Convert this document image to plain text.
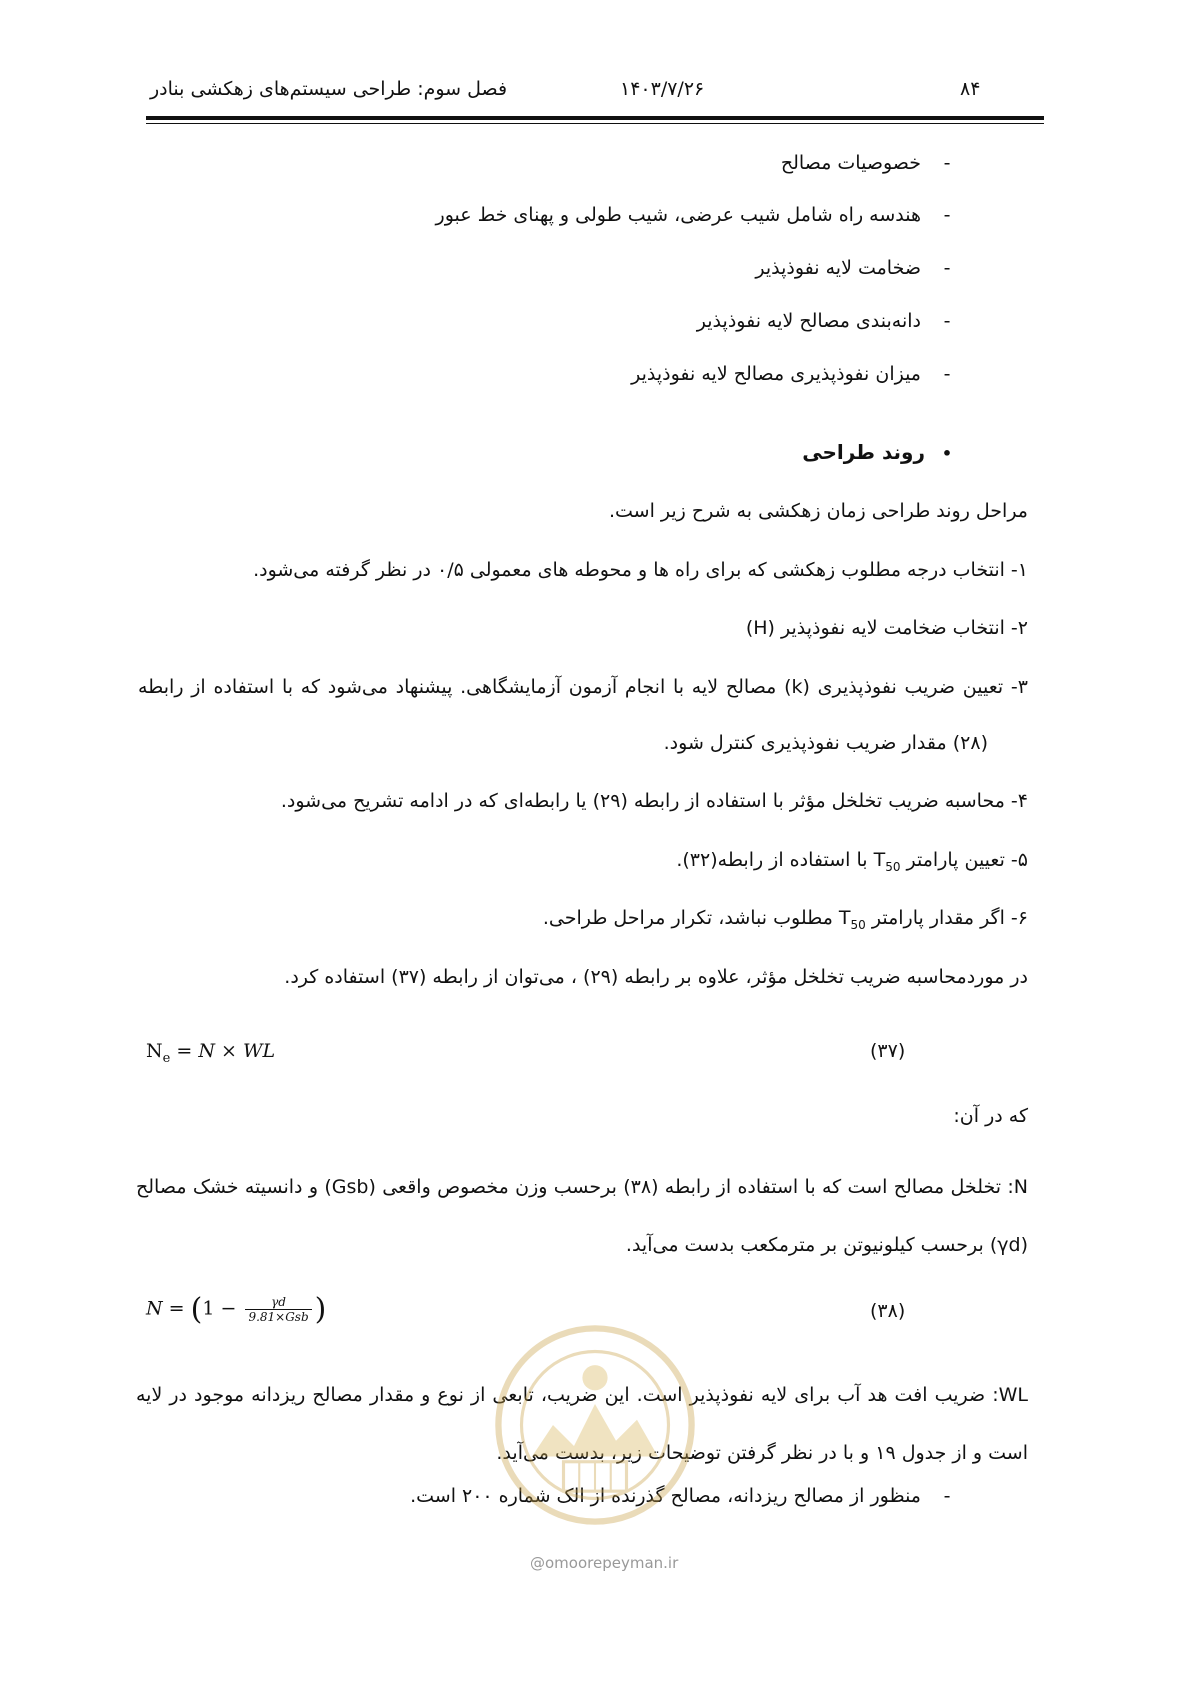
۸۴
۱۴۰۳/۷/۲۶
فصل سوم: طراحی سیستم‌های زهکشی بنادر
-خصوصیات مصالح
-هندسه راه شامل شیب عرضی، شیب طولی و پهنای خط عبور
-ضخامت لایه نفوذپذیر
-دانه‌بندی مصالح لایه نفوذپذیر
-میزان نفوذپذیری مصالح لایه نفوذپذیر
•روند طراحی
مراحل روند طراحی زمان زهکشی به شرح زیر است.
۱- انتخاب درجه مطلوب زهکشی که برای راه ها و محوطه های معمولی ۰/۵ در نظر گرفته می‌شود.
۲- انتخاب ضخامت لایه نفوذپذیر (H)
۳- تعیین ضریب نفوذپذیری (k) مصالح لایه با انجام آزمون آزمایشگاهی. پیشنهاد می‌شود که با استفاده از رابطه
(۲۸) مقدار ضریب نفوذپذیری کنترل شود.
۴- محاسبه ضریب تخلخل مؤثر با استفاده از رابطه (۲۹) یا رابطه‌ای که در ادامه تشریح می‌شود.
۵- تعیین پارامتر $T_{50}$ با استفاده از رابطه(۳۲).
۶- اگر مقدار پارامتر $T_{50}$ مطلوب نباشد، تکرار مراحل طراحی.
در موردمحاسبه ضریب تخلخل مؤثر، علاوه بر رابطه (۲۹) ، می‌توان از رابطه (۳۷) استفاده کرد.
$N_e = N$ × WL	(۳۷)
که در آن:
N: تخلخل مصالح است که با استفاده از رابطه (۳۸) برحسب وزن مخصوص واقعی (Gsb) و دانسیته خشک مصالح (γd) برحسب کیلونیوتن بر مترمکعب بدست می‌آید.
$N = (1 - \frac{\gamma d}{\text{9.81×Gsb}}$ )	(۳۸)
WL: ضریب افت هد آب برای لایه نفوذپذیر است. این ضریب، تابعی از نوع و مقدار مصالح ریزدانه موجود در لایه است و از جدول ۱۹ و با در نظر گرفتن توضیحات زیر، بدست می‌آید.
-منظور از مصالح ریزدانه، مصالح گذرنده از الک شماره ۲۰۰ است.
@omoorepeyman.ir
